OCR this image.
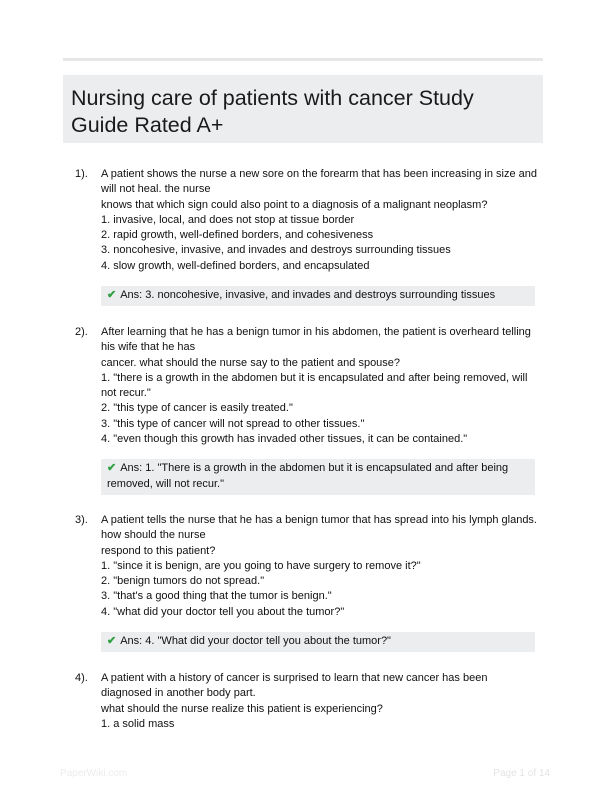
Nursing care of patients with cancer Study Guide Rated A+
1). A patient shows the nurse a new sore on the forearm that has been increasing in size and will not heal. the nurse
knows that which sign could also point to a diagnosis of a malignant neoplasm?
1. invasive, local, and does not stop at tissue border
2. rapid growth, well-defined borders, and cohesiveness
3. noncohesive, invasive, and invades and destroys surrounding tissues
4. slow growth, well-defined borders, and encapsulated
✔ Ans: 3. noncohesive, invasive, and invades and destroys surrounding tissues
2). After learning that he has a benign tumor in his abdomen, the patient is overheard telling his wife that he has
cancer. what should the nurse say to the patient and spouse?
1. "there is a growth in the abdomen but it is encapsulated and after being removed, will not recur."
2. "this type of cancer is easily treated."
3. "this type of cancer will not spread to other tissues."
4. "even though this growth has invaded other tissues, it can be contained."
✔ Ans: 1. "There is a growth in the abdomen but it is encapsulated and after being removed, will not recur."
3). A patient tells the nurse that he has a benign tumor that has spread into his lymph glands. how should the nurse
respond to this patient?
1. "since it is benign, are you going to have surgery to remove it?"
2. "benign tumors do not spread."
3. "that's a good thing that the tumor is benign."
4. "what did your doctor tell you about the tumor?"
✔ Ans: 4. "What did your doctor tell you about the tumor?"
4). A patient with a history of cancer is surprised to learn that new cancer has been diagnosed in another body part.
what should the nurse realize this patient is experiencing?
1. a solid mass
PaperWiki.com	Page 1 of 14
